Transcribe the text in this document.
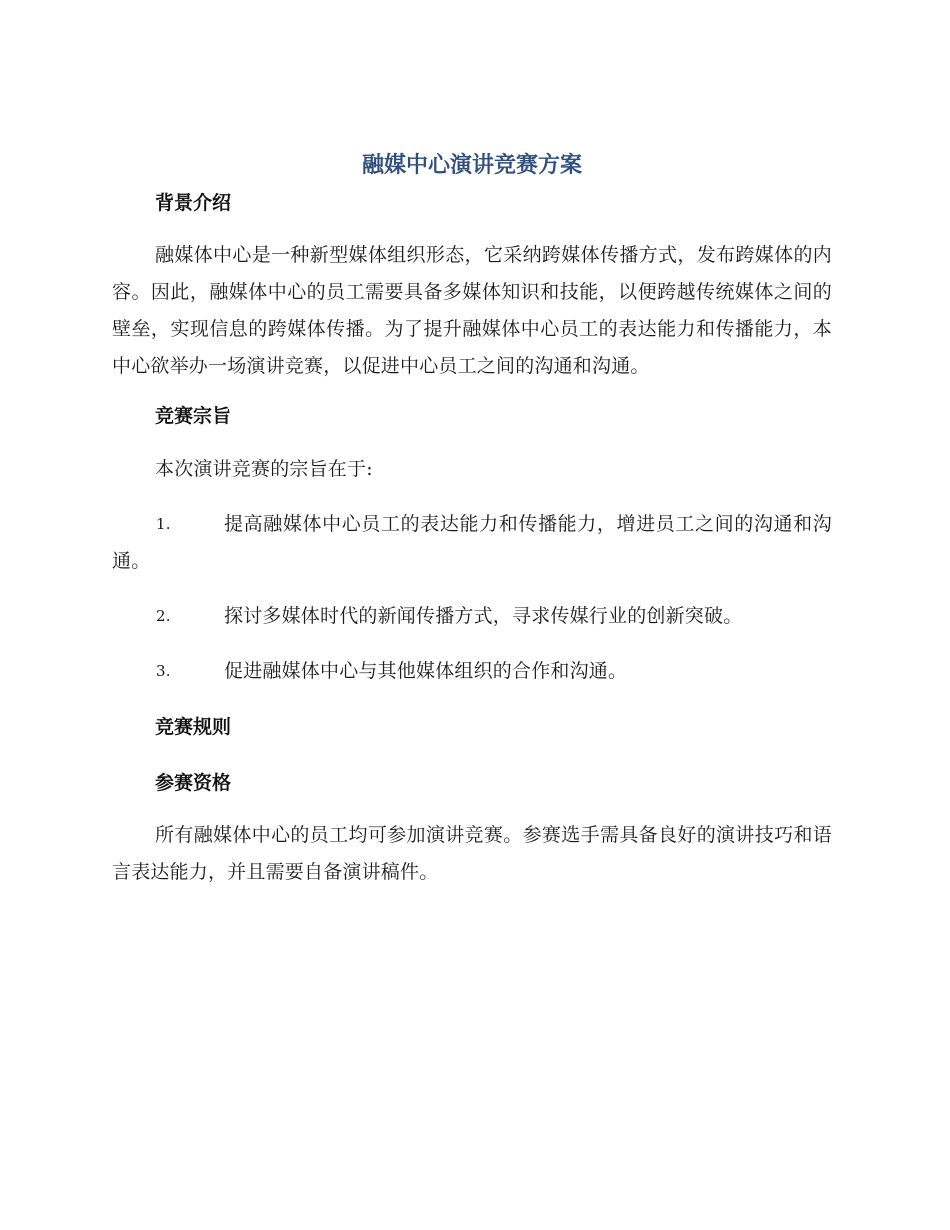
融媒中心演讲竞赛方案
背景介绍

融媒体中心是一种新型媒体组织形态，它采纳跨媒体传播方式，发布跨媒体的内容。因此，融媒体中心的员工需要具备多媒体知识和技能，以便跨越传统媒体之间的壁垒，实现信息的跨媒体传播。为了提升融媒体中心员工的表达能力和传播能力，本中心欲举办一场演讲竞赛，以促进中心员工之间的沟通和沟通。

竞赛宗旨

本次演讲竞赛的宗旨在于:

1.	提高融媒体中心员工的表达能力和传播能力，增进员工之间的沟通和沟通。
2.	探讨多媒体时代的新闻传播方式，寻求传媒行业的创新突破。
3.	促进融媒体中心与其他媒体组织的合作和沟通。
竞赛规则
参赛资格

所有融媒体中心的员工均可参加演讲竞赛。参赛选手需具备良好的演讲技巧和语言表达能力，并且需要自备演讲稿件。
